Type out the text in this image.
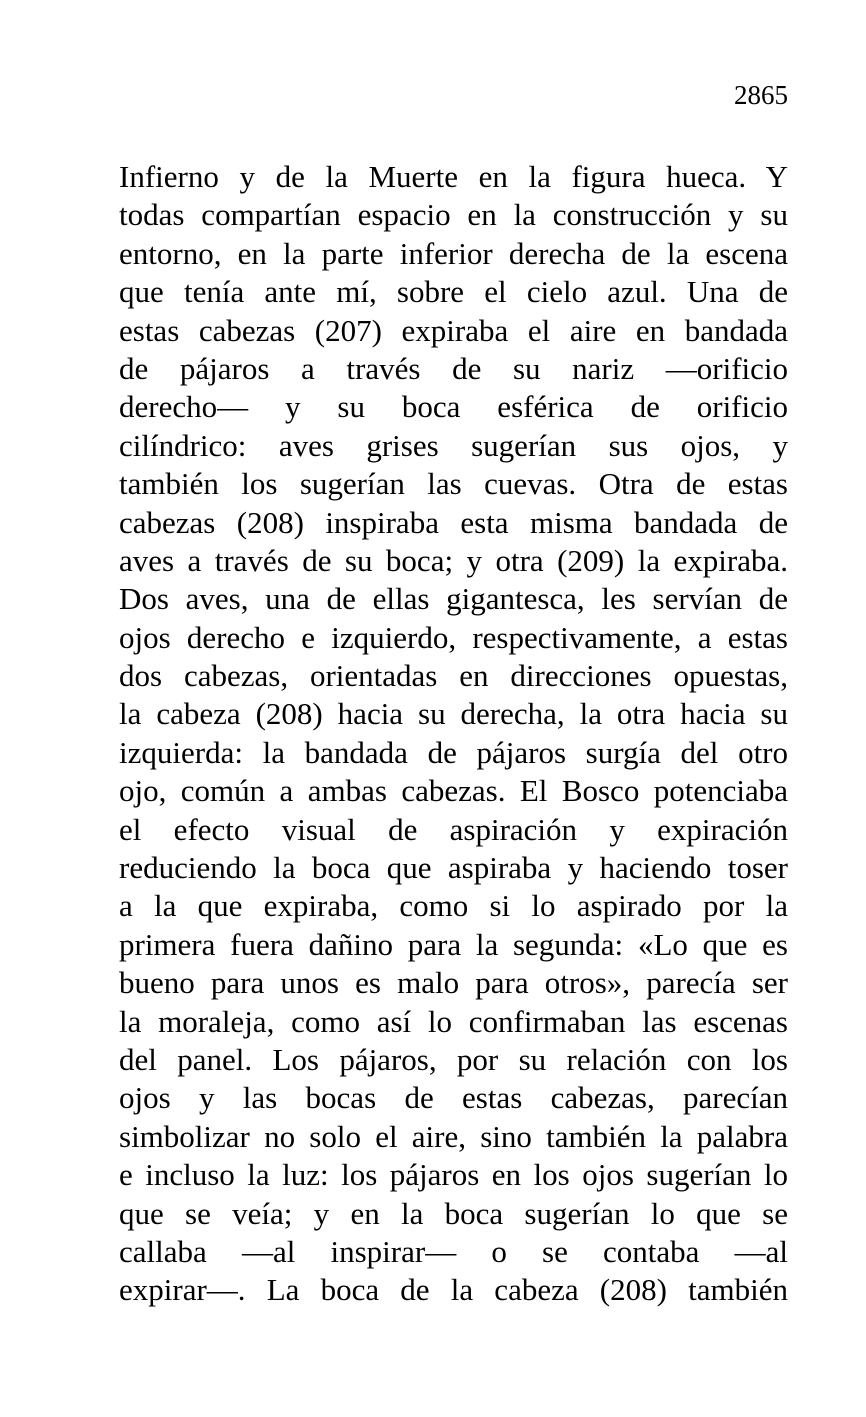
2865
Infierno y de la Muerte en la figura hueca. Y
todas compartían espacio en la construcción y su
entorno, en la parte inferior derecha de la escena
que tenía ante mí, sobre el cielo azul. Una de
estas cabezas (207) expiraba el aire en bandada
de pájaros a través de su nariz —orificio
derecho— y su boca esférica de orificio
cilíndrico: aves grises sugerían sus ojos, y
también los sugerían las cuevas. Otra de estas
cabezas (208) inspiraba esta misma bandada de
aves a través de su boca; y otra (209) la expiraba.
Dos aves, una de ellas gigantesca, les servían de
ojos derecho e izquierdo, respectivamente, a estas
dos cabezas, orientadas en direcciones opuestas,
la cabeza (208) hacia su derecha, la otra hacia su
izquierda: la bandada de pájaros surgía del otro
ojo, común a ambas cabezas. El Bosco potenciaba
el efecto visual de aspiración y expiración
reduciendo la boca que aspiraba y haciendo toser
a la que expiraba, como si lo aspirado por la
primera fuera dañino para la segunda: «Lo que es
bueno para unos es malo para otros», parecía ser
la moraleja, como así lo confirmaban las escenas
del panel. Los pájaros, por su relación con los
ojos y las bocas de estas cabezas, parecían
simbolizar no solo el aire, sino también la palabra
e incluso la luz: los pájaros en los ojos sugerían lo
que se veía; y en la boca sugerían lo que se
callaba —al inspirar— o se contaba —al
expirar—. La boca de la cabeza (208) también
